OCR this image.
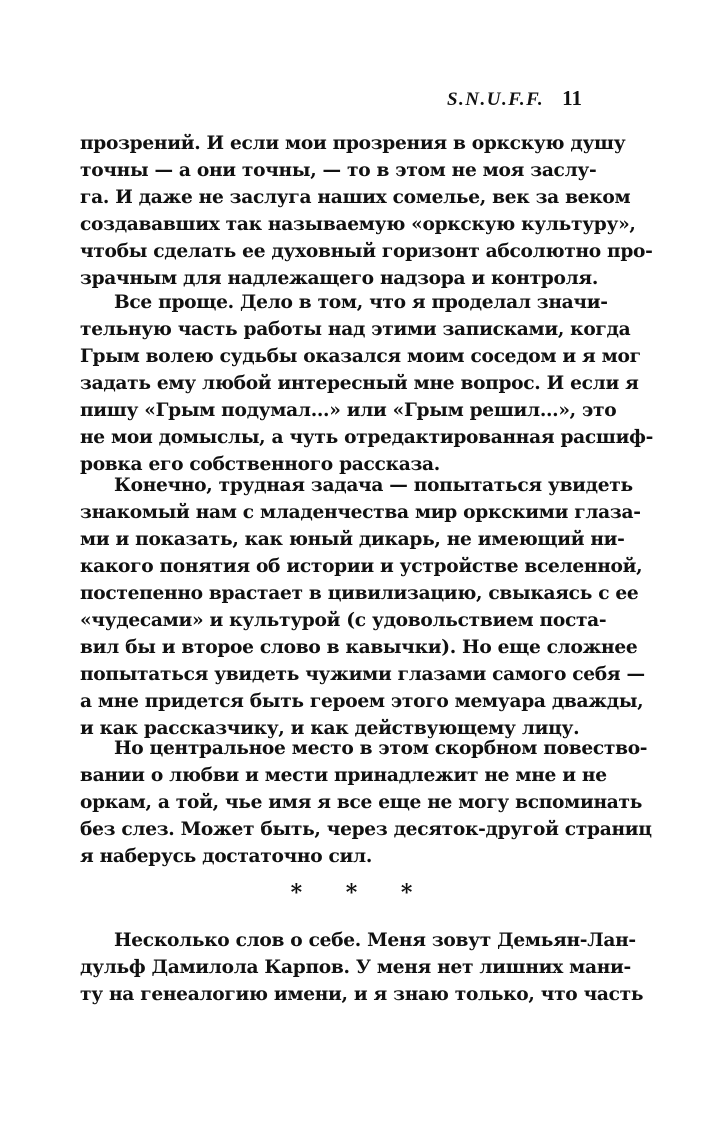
S.N.U.F.F. 11
прозрений. И если мои прозрения в оркскую душу
точны — а они точны, — то в этом не моя заслу-
га. И даже не заслуга наших сомелье, век за веком
создававших так называемую «оркскую культуру»,
чтобы сделать ее духовный горизонт абсолютно про-
зрачным для надлежащего надзора и контроля.
Все проще. Дело в том, что я проделал значи-
тельную часть работы над этими записками, когда
Грым волею судьбы оказался моим соседом и я мог
задать ему любой интересный мне вопрос. И если я
пишу «Грым подумал...» или «Грым решил...», это
не мои домыслы, а чуть отредактированная расшиф-
ровка его собственного рассказа.
Конечно, трудная задача — попытаться увидеть
знакомый нам с младенчества мир оркскими глаза-
ми и показать, как юный дикарь, не имеющий ни-
какого понятия об истории и устройстве вселенной,
постепенно врастает в цивилизацию, свыкаясь с ее
«чудесами» и культурой (с удовольствием поста-
вил бы и второе слово в кавычки). Но еще сложнее
попытаться увидеть чужими глазами самого себя —
а мне придется быть героем этого мемуара дважды,
и как рассказчику, и как действующему лицу.
Но центральное место в этом скорбном повество-
вании о любви и мести принадлежит не мне и не
оркам, а той, чье имя я все еще не могу вспоминать
без слез. Может быть, через десяток-другой страниц
я наберусь достаточно сил.
* * *
Несколько слов о себе. Меня зовут Демьян-Лан-
дульф Дамилола Карпов. У меня нет лишних мани-
ту на генеалогию имени, и я знаю только, что часть
